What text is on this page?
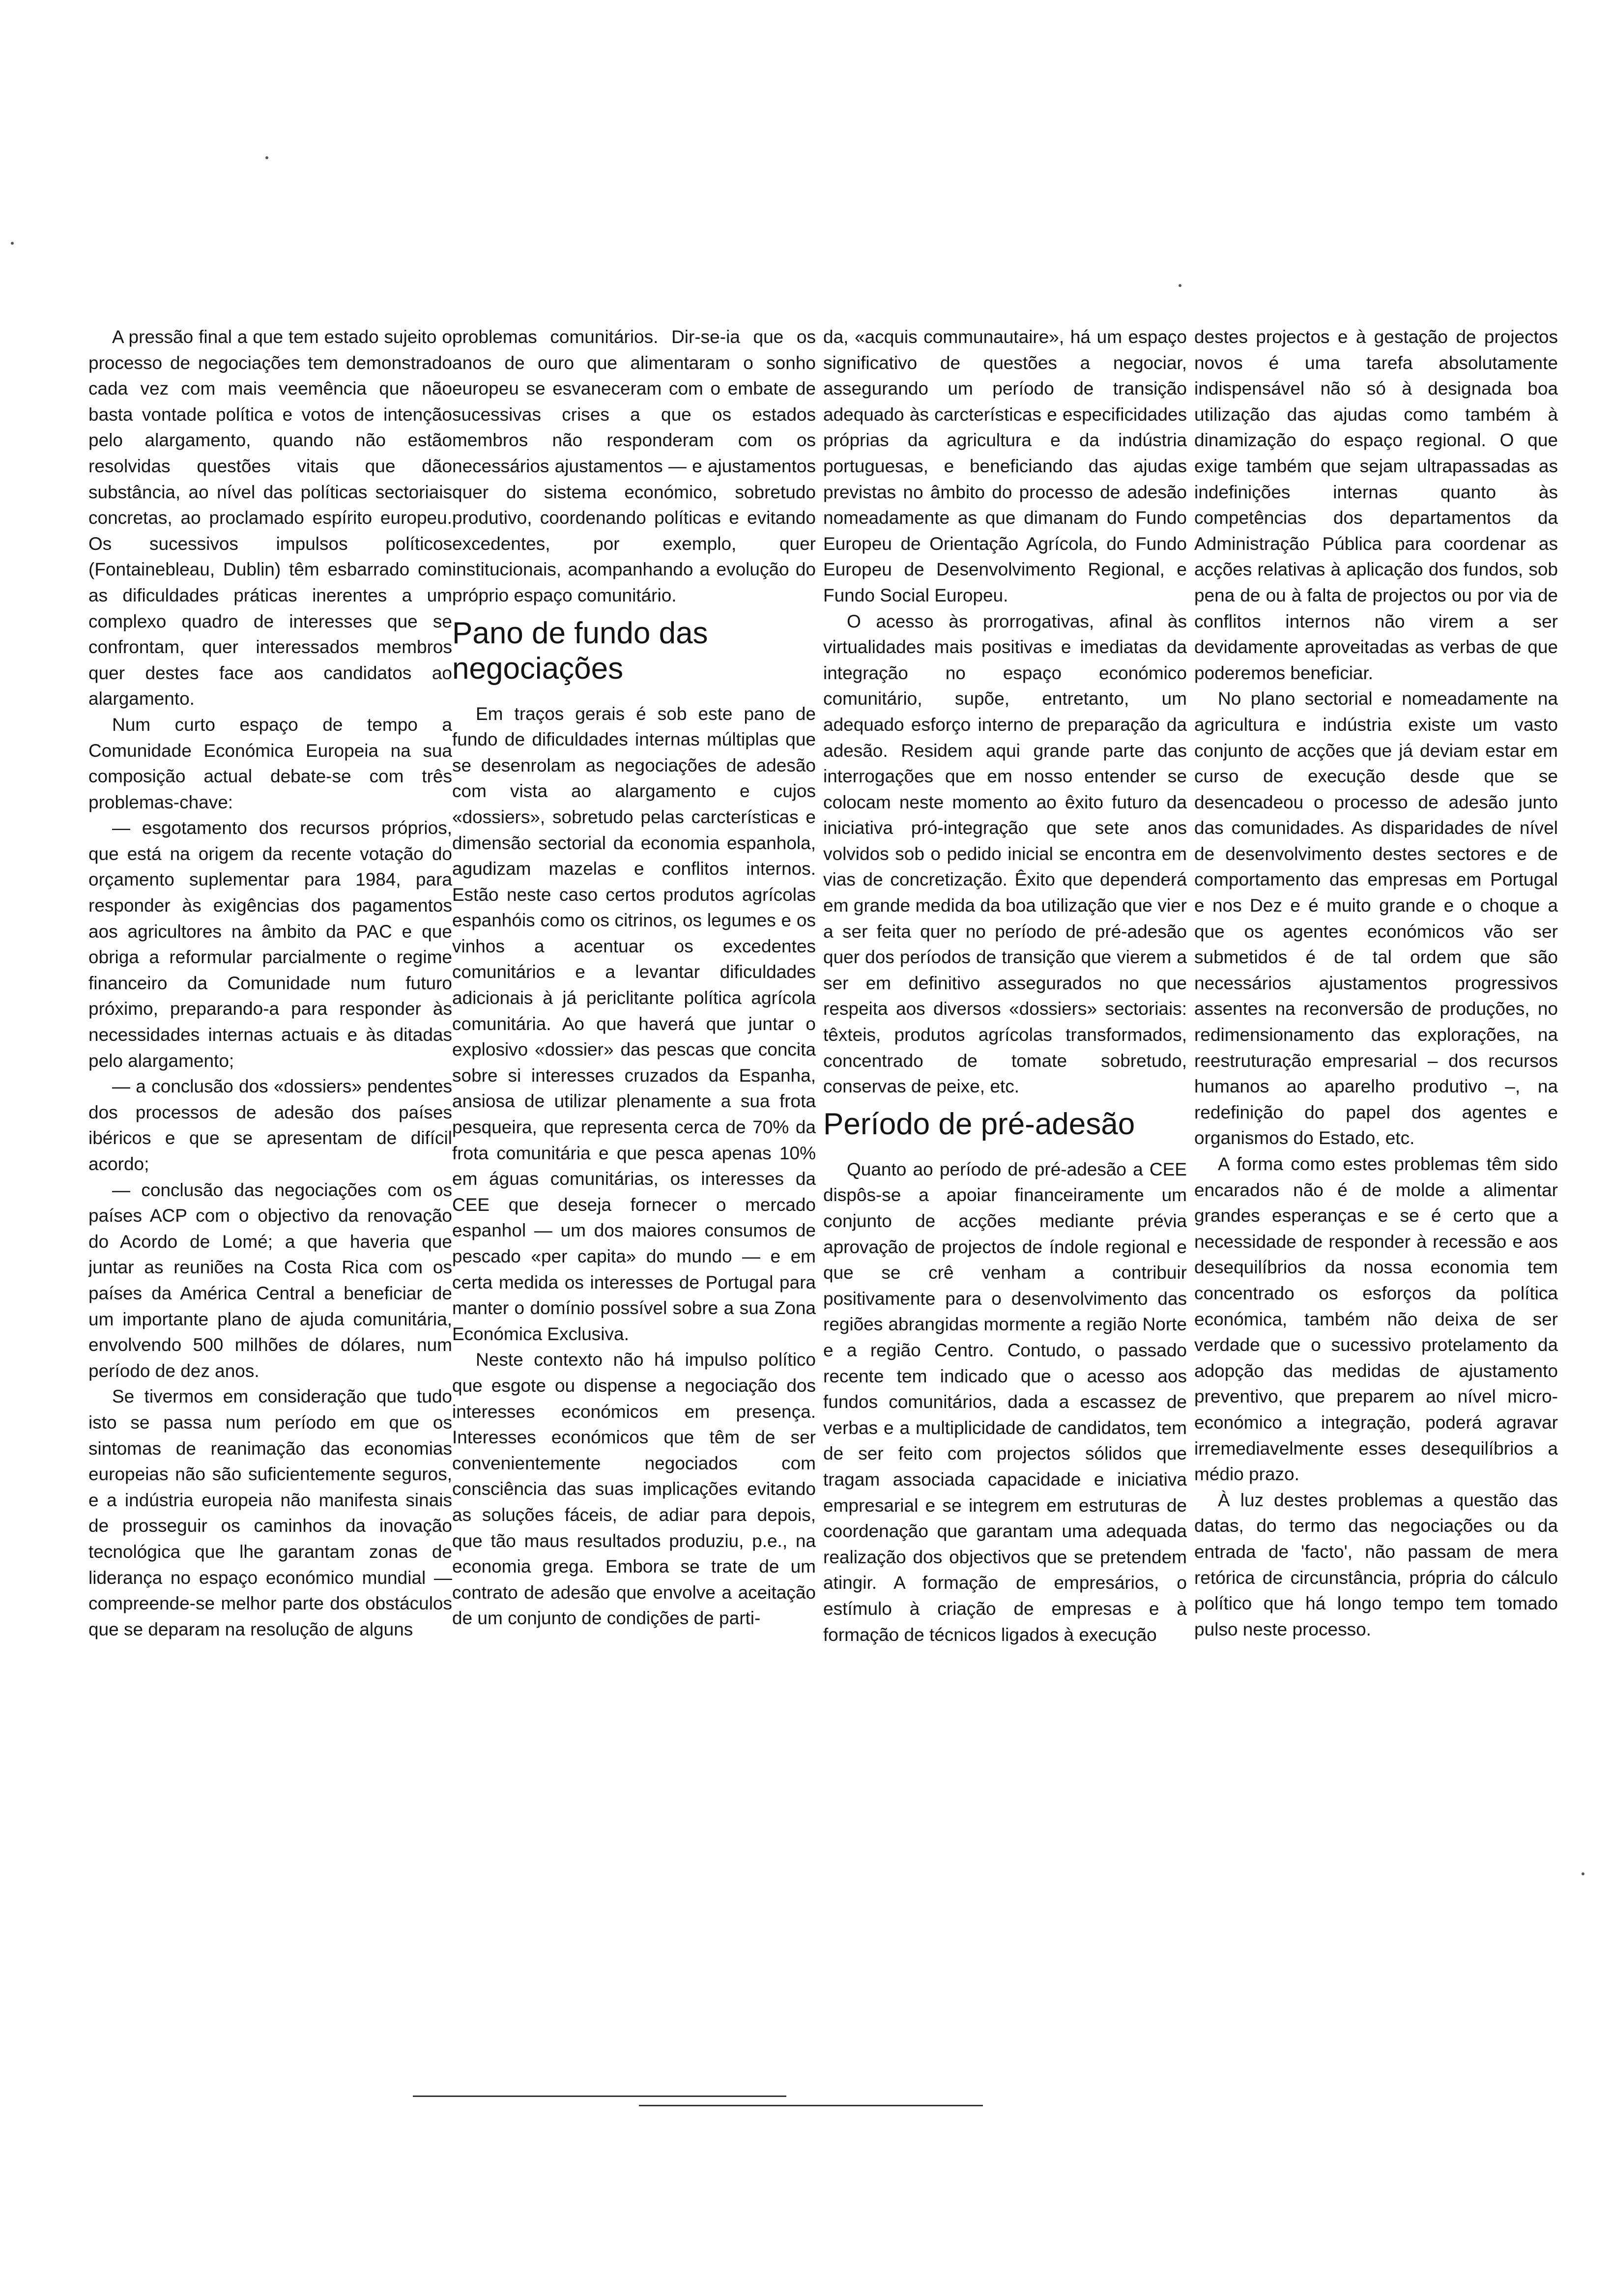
A pressão final a que tem estado sujeito o processo de negociações tem demonstrado cada vez com mais veemência que não basta vontade política e votos de intenção pelo alargamento, quando não estão resolvidas questões vitais que dão substância, ao nível das políticas sectoriais concretas, ao proclamado espírito europeu. Os sucessivos impulsos políticos (Fontainebleau, Dublin) têm esbarrado com as dificuldades práticas inerentes a um complexo quadro de interesses que se confrontam, quer interessados membros quer destes face aos candidatos ao alargamento.

Num curto espaço de tempo a Comunidade Económica Europeia na sua composição actual debate-se com três problemas-chave:

— esgotamento dos recursos próprios, que está na origem da recente votação do orçamento suplementar para 1984, para responder às exigências dos pagamentos aos agricultores na âmbito da PAC e que obriga a reformular parcialmente o regime financeiro da Comunidade num futuro próximo, preparando-a para responder às necessidades internas actuais e às ditadas pelo alargamento;

— a conclusão dos «dossiers» pendentes dos processos de adesão dos países ibéricos e que se apresentam de difícil acordo;

— conclusão das negociações com os países ACP com o objectivo da renovação do Acordo de Lomé; a que haveria que juntar as reuniões na Costa Rica com os países da América Central a beneficiar de um importante plano de ajuda comunitária, envolvendo 500 milhões de dólares, num período de dez anos.

Se tivermos em consideração que tudo isto se passa num período em que os sintomas de reanimação das economias europeias não são suficientemente seguros, e a indústria europeia não manifesta sinais de prosseguir os caminhos da inovação tecnológica que lhe garantam zonas de liderança no espaço económico mundial — compreende-se melhor parte dos obstáculos que se deparam na resolução de alguns

problemas comunitários. Dir-se-ia que os anos de ouro que alimentaram o sonho europeu se esvaneceram com o embate de sucessivas crises a que os estados membros não responderam com os necessários ajustamentos — e ajustamentos quer do sistema económico, sobretudo produtivo, coordenando políticas e evitando excedentes, por exemplo, quer institucionais, acompanhando a evolução do próprio espaço comunitário.

Pano de fundo das negociações

Em traços gerais é sob este pano de fundo de dificuldades internas múltiplas que se desenrolam as negociações de adesão com vista ao alargamento e cujos «dossiers», sobretudo pelas carcterísticas e dimensão sectorial da economia espanhola, agudizam mazelas e conflitos internos. Estão neste caso certos produtos agrícolas espanhóis como os citrinos, os legumes e os vinhos a acentuar os excedentes comunitários e a levantar dificuldades adicionais à já periclitante política agrícola comunitária. Ao que haverá que juntar o explosivo «dossier» das pescas que concita sobre si interesses cruzados da Espanha, ansiosa de utilizar plenamente a sua frota pesqueira, que representa cerca de 70% da frota comunitária e que pesca apenas 10% em águas comunitárias, os interesses da CEE que deseja fornecer o mercado espanhol — um dos maiores consumos de pescado «per capita» do mundo — e em certa medida os interesses de Portugal para manter o domínio possível sobre a sua Zona Económica Exclusiva.

Neste contexto não há impulso político que esgote ou dispense a negociação dos interesses económicos em presença. Interesses económicos que têm de ser convenientemente negociados com consciência das suas implicações evitando as soluções fáceis, de adiar para depois, que tão maus resultados produziu, p.e., na economia grega. Embora se trate de um contrato de adesão que envolve a aceitação de um conjunto de condições de parti-

da, «acquis communautaire», há um espaço significativo de questões a negociar, assegurando um período de transição adequado às carcterísticas e especificidades próprias da agricultura e da indústria portuguesas, e beneficiando das ajudas previstas no âmbito do processo de adesão nomeadamente as que dimanam do Fundo Europeu de Orientação Agrícola, do Fundo Europeu de Desenvolvimento Regional, e Fundo Social Europeu.

O acesso às prorrogativas, afinal às virtualidades mais positivas e imediatas da integração no espaço económico comunitário, supõe, entretanto, um adequado esforço interno de preparação da adesão. Residem aqui grande parte das interrogações que em nosso entender se colocam neste momento ao êxito futuro da iniciativa pró-integração que sete anos volvidos sob o pedido inicial se encontra em vias de concretização. Êxito que dependerá em grande medida da boa utilização que vier a ser feita quer no período de pré-adesão quer dos períodos de transição que vierem a ser em definitivo assegurados no que respeita aos diversos «dossiers» sectoriais: têxteis, produtos agrícolas transformados, concentrado de tomate sobretudo, conservas de peixe, etc.

Período de pré-adesão

Quanto ao período de pré-adesão a CEE dispôs-se a apoiar financeiramente um conjunto de acções mediante prévia aprovação de projectos de índole regional e que se crê venham a contribuir positivamente para o desenvolvimento das regiões abrangidas mormente a região Norte e a região Centro. Contudo, o passado recente tem indicado que o acesso aos fundos comunitários, dada a escassez de verbas e a multiplicidade de candidatos, tem de ser feito com projectos sólidos que tragam associada capacidade e iniciativa empresarial e se integrem em estruturas de coordenação que garantam uma adequada realização dos objectivos que se pretendem atingir. A formação de empresários, o estímulo à criação de empresas e à formação de técnicos ligados à execução

destes projectos e à gestação de projectos novos é uma tarefa absolutamente indispensável não só à designada boa utilização das ajudas como também à dinamização do espaço regional. O que exige também que sejam ultrapassadas as indefinições internas quanto às competências dos departamentos da Administração Pública para coordenar as acções relativas à aplicação dos fundos, sob pena de ou à falta de projectos ou por via de conflitos internos não virem a ser devidamente aproveitadas as verbas de que poderemos beneficiar.

No plano sectorial e nomeadamente na agricultura e indústria existe um vasto conjunto de acções que já deviam estar em curso de execução desde que se desencadeou o processo de adesão junto das comunidades. As disparidades de nível de desenvolvimento destes sectores e de comportamento das empresas em Portugal e nos Dez e é muito grande e o choque a que os agentes económicos vão ser submetidos é de tal ordem que são necessários ajustamentos progressivos assentes na reconversão de produções, no redimensionamento das explorações, na reestruturação empresarial – dos recursos humanos ao aparelho produtivo –, na redefinição do papel dos agentes e organismos do Estado, etc.

A forma como estes problemas têm sido encarados não é de molde a alimentar grandes esperanças e se é certo que a necessidade de responder à recessão e aos desequilíbrios da nossa economia tem concentrado os esforços da política económica, também não deixa de ser verdade que o sucessivo protelamento da adopção das medidas de ajustamento preventivo, que preparem ao nível micro-económico a integração, poderá agravar irremediavelmente esses desequilíbrios a médio prazo.

À luz destes problemas a questão das datas, do termo das negociações ou da entrada de 'facto', não passam de mera retórica de circunstância, própria do cálculo político que há longo tempo tem tomado pulso neste processo.
